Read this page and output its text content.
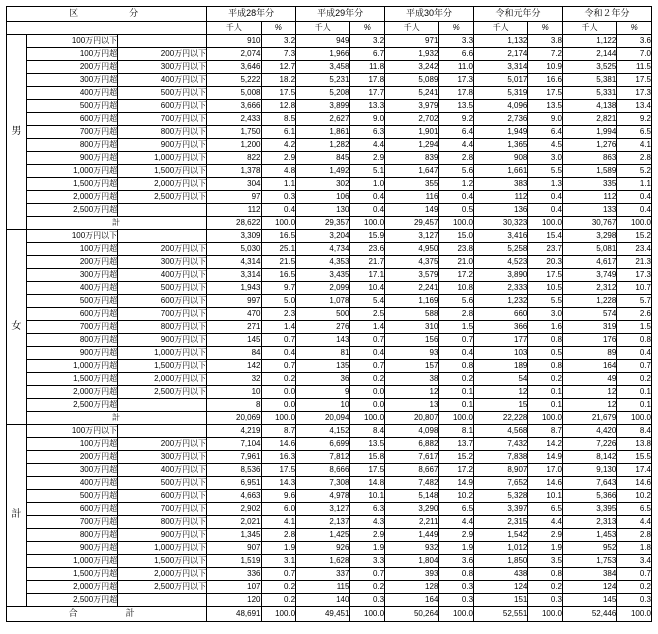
区　　　分			平成28年分		平成29年分		平成30年分		令和元年分		令和２年分	
			千人	%	千人	%	千人	%	千人	%	千人	%
男	100万円以下		910	3.2	949	3.2	971	3.3	1,132	3.8	1,122	3.6
	100万円超	200万円以下	2,074	7.3	1,966	6.7	1,932	6.6	2,174	7.2	2,144	7.0
	200万円超	300万円以下	3,646	12.7	3,458	11.8	3,242	11.0	3,314	10.9	3,525	11.5
	300万円超	400万円以下	5,222	18.2	5,231	17.8	5,089	17.3	5,017	16.6	5,381	17.5
	400万円超	500万円以下	5,008	17.5	5,208	17.7	5,241	17.8	5,319	17.5	5,331	17.3
	500万円超	600万円以下	3,666	12.8	3,899	13.3	3,979	13.5	4,096	13.5	4,138	13.4
	600万円超	700万円以下	2,433	8.5	2,627	9.0	2,702	9.2	2,736	9.0	2,821	9.2
	700万円超	800万円以下	1,750	6.1	1,861	6.3	1,901	6.4	1,949	6.4	1,994	6.5
	800万円超	900万円以下	1,200	4.2	1,282	4.4	1,294	4.4	1,365	4.5	1,276	4.1
	900万円超	1,000万円以下	822	2.9	845	2.9	839	2.8	908	3.0	863	2.8
	1,000万円超	1,500万円以下	1,378	4.8	1,492	5.1	1,647	5.6	1,661	5.5	1,589	5.2
	1,500万円超	2,000万円以下	304	1.1	302	1.0	355	1.2	383	1.3	335	1.1
	2,000万円超	2,500万円以下	97	0.3	106	0.4	116	0.4	112	0.4	112	0.4
	2,500万円超		112	0.4	130	0.4	149	0.5	136	0.4	133	0.4
	計		28,622	100.0	29,357	100.0	29,457	100.0	30,323	100.0	30,767	100.0
女	100万円以下		3,309	16.5	3,204	15.9	3,127	15.0	3,416	15.4	3,298	15.2
	100万円超	200万円以下	5,030	25.1	4,734	23.6	4,950	23.8	5,258	23.7	5,081	23.4
	200万円超	300万円以下	4,314	21.5	4,353	21.7	4,375	21.0	4,523	20.3	4,617	21.3
	300万円超	400万円以下	3,314	16.5	3,435	17.1	3,579	17.2	3,890	17.5	3,749	17.3
	400万円超	500万円以下	1,943	9.7	2,099	10.4	2,241	10.8	2,333	10.5	2,312	10.7
	500万円超	600万円以下	997	5.0	1,078	5.4	1,169	5.6	1,232	5.5	1,228	5.7
	600万円超	700万円以下	470	2.3	500	2.5	588	2.8	660	3.0	574	2.6
	700万円超	800万円以下	271	1.4	276	1.4	310	1.5	366	1.6	319	1.5
	800万円超	900万円以下	145	0.7	143	0.7	156	0.7	177	0.8	176	0.8
	900万円超	1,000万円以下	84	0.4	81	0.4	93	0.4	103	0.5	89	0.4
	1,000万円超	1,500万円以下	142	0.7	135	0.7	157	0.8	189	0.8	164	0.7
	1,500万円超	2,000万円以下	32	0.2	36	0.2	38	0.2	54	0.2	49	0.2
	2,000万円超	2,500万円以下	10	0.0	9	0.0	12	0.1	12	0.1	12	0.1
	2,500万円超		8	0.0	10	0.0	13	0.1	15	0.1	12	0.1
	計		20,069	100.0	20,094	100.0	20,807	100.0	22,228	100.0	21,679	100.0
計	100万円以下		4,219	8.7	4,152	8.4	4,098	8.1	4,568	8.7	4,420	8.4
	100万円超	200万円以下	7,104	14.6	6,699	13.5	6,882	13.7	7,432	14.2	7,226	13.8
	200万円超	300万円以下	7,961	16.3	7,812	15.8	7,617	15.2	7,838	14.9	8,142	15.5
	300万円超	400万円以下	8,536	17.5	8,666	17.5	8,667	17.2	8,907	17.0	9,130	17.4
	400万円超	500万円以下	6,951	14.3	7,308	14.8	7,482	14.9	7,652	14.6	7,643	14.6
	500万円超	600万円以下	4,663	9.6	4,978	10.1	5,148	10.2	5,328	10.1	5,366	10.2
	600万円超	700万円以下	2,902	6.0	3,127	6.3	3,290	6.5	3,397	6.5	3,395	6.5
	700万円超	800万円以下	2,021	4.1	2,137	4.3	2,211	4.4	2,315	4.4	2,313	4.4
	800万円超	900万円以下	1,345	2.8	1,425	2.9	1,449	2.9	1,542	2.9	1,453	2.8
	900万円超	1,000万円以下	907	1.9	926	1.9	932	1.9	1,012	1.9	952	1.8
	1,000万円超	1,500万円以下	1,519	3.1	1,628	3.3	1,804	3.6	1,850	3.5	1,753	3.4
	1,500万円超	2,000万円以下	336	0.7	337	0.7	393	0.8	438	0.8	384	0.7
	2,000万円超	2,500万円以下	107	0.2	115	0.2	128	0.3	124	0.2	124	0.2
	2,500万円超		120	0.2	140	0.3	164	0.3	151	0.3	145	0.3
合　　計			48,691	100.0	49,451	100.0	50,264	100.0	52,551	100.0	52,446	100.0
